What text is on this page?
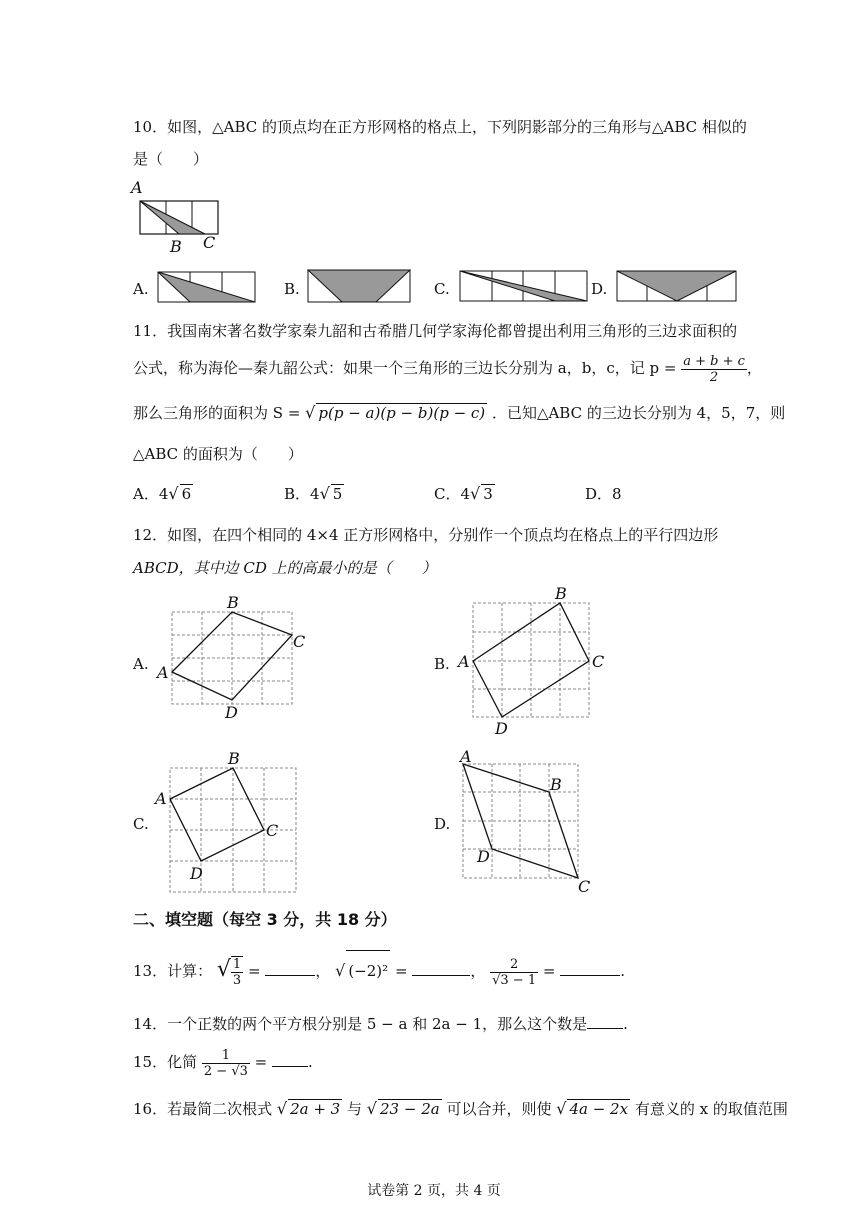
10．如图，△ABC 的顶点均在正方形网格的格点上，下列阴影部分的三角形与△ABC 相似的
是（　　）
A
B C
A.	B.	C.	D.
11．我国南宋著名数学家秦九韶和古希腊几何学家海伦都曾提出利用三角形的三边求面积的
公式，称为海伦—秦九韶公式：如果一个三角形的三边长分别为 a，b，c，记 $p = \frac{a + b + c}{2}$ ，
那么三角形的面积为 S = √ p(p − a)(p − b)(p − c) ．已知△ABC 的三边长分别为 4，5，7，则
△ABC 的面积为（　　）
A．4√ 6	B．4√ 5	C．4√ 3	D．8
12．如图，在四个相同的 4×4 正方形网格中，分别作一个顶点均在格点上的平行四边形
ABCD，其中边 CD 上的高最小的是（　　）
A. A
B
C
D
B. A
B
C
D
C.
A
B
C
D
D.
A
B
C
D
二、填空题（每空 3 分，共 18 分）
13．计算： √ $\frac{1}{3}$ =	， √ (−2)² =	， $\frac{2}{√3 - 1}$ =	.
14．一个正数的两个平方根分别是 5 − a 和 2a − 1，那么这个数是 .
15．化简 $\frac{1}{2 - √3}$ =	.
16．若最简二次根式 √ 2a + 3 与 √ 23 − 2a 可以合并，则使 √ 4a − 2x 有意义的 x 的取值范围
试卷第 2 页，共 4 页
